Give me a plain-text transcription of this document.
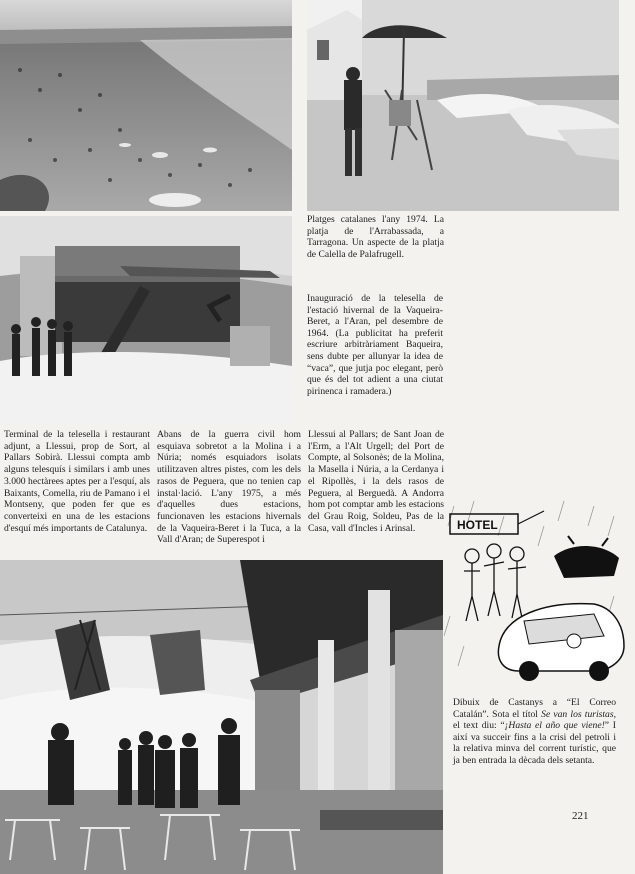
HOTEL

Platges catalanes l'any 1974. La platja de l'Arrabassada, a Tarragona. Un aspecte de la platja de Calella de Palafrugell.

Inauguració de la telesella de l'estació hivernal de la Vaqueira-Beret, a l'Aran, pel desembre de 1964. (La publicitat ha preferit escriure arbitràriament Baqueira, sens dubte per allunyar la idea de “vaca”, que jutja poc elegant, però que és del tot adient a una ciutat pirinenca i ramadera.)

Dibuix de Castanys a “El Correo Catalán”. Sota el títol Se van los turistas, el text diu: “¡Hasta el año que viene!” I així va succeir fins a la crisi del petroli i la relativa minva del corrent turístic, que ja ben entrada la dècada dels setanta.

Terminal de la telesella i restaurant adjunt, a Llessui, prop de Sort, al Pallars Sobirà. Llessui compta amb alguns telesquís i similars i amb unes 3.000 hectàrees aptes per a l'esquí, als Baixants, Comella, riu de Pamano i el Montseny, que poden fer que es converteixi en una de les estacions d'esquí més importants de Catalunya.

Abans de la guerra civil hom esquiava sobretot a la Molina i a Núria; només esquiadors isolats utilitzaven altres pistes, com les dels rasos de Peguera, que no tenien cap instal·lació. L'any 1975, a més d'aquelles dues estacions, funcionaven les estacions hivernals de la Vaqueira-Beret i la Tuca, a la Vall d'Aran; de Superespot i

Llessui al Pallars; de Sant Joan de l'Erm, a l'Alt Urgell; del Port de Compte, al Solsonès; de la Molina, la Masella i Núria, a la Cerdanya i el Ripollès, i la dels rasos de Peguera, al Berguedà. A Andorra hom pot comptar amb les estacions del Grau Roig, Soldeu, Pas de la Casa, vall d'Incles i Arinsal.

221
